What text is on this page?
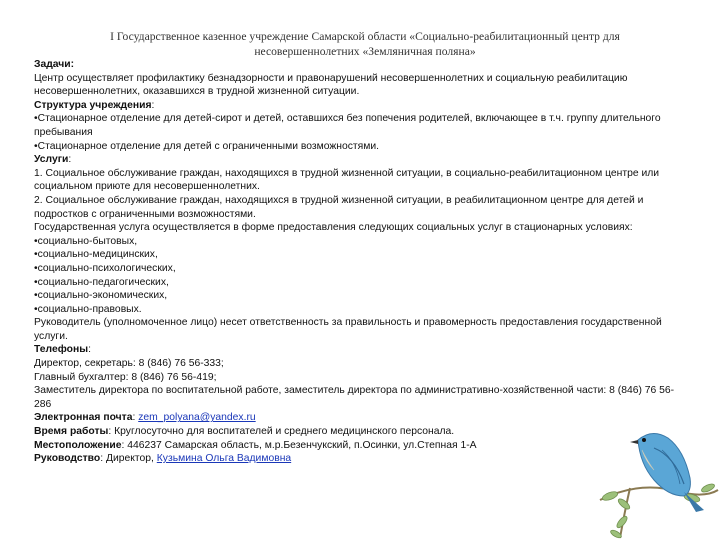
I Государственное казенное учреждение Самарской области «Социально-реабилитационный центр для несовершеннолетних «Земляничная поляна»

Задачи:

Центр осуществляет профилактику безнадзорности и правонарушений несовершеннолетних и социальную реабилитацию несовершеннолетних, оказавшихся в трудной жизненной ситуации.

Структура учреждения:

•Стационарное отделение для детей-сирот и детей, оставшихся без попечения родителей, включающее в т.ч. группу длительного пребывания

•Стационарное отделение для детей с ограниченными возможностями.

Услуги:

1. Социальное обслуживание граждан, находящихся в трудной жизненной ситуации, в социально-реабилитационном центре или социальном приюте для несовершеннолетних.

2. Социальное обслуживание граждан, находящихся в трудной жизненной ситуации, в реабилитационном центре для детей и подростков с ограниченными возможностями.

Государственная услуга осуществляется в форме предоставления следующих социальных услуг в стационарных условиях:

•социально-бытовых,

•социально-медицинских,

•социально-психологических,

•социально-педагогических,

•социально-экономических,

•социально-правовых.

Руководитель (уполномоченное лицо) несет ответственность за правильность и правомерность предоставления государственной услуги.

Телефоны:

Директор, секретарь: 8 (846) 76 56-333;

Главный бухгалтер: 8 (846) 76 56-419;

Заместитель директора по воспитательной работе, заместитель директора по административно-хозяйственной части: 8 (846) 76 56-286

Электронная почта: zem_polyana@yandex.ru

Время работы: Круглосуточно для воспитателей и среднего медицинского персонала.

Местоположение: 446237 Самарская область, м.р.Безенчукский, п.Осинки, ул.Степная 1-А

Руководство: Директор, Кузьмина Ольга Вадимовна
